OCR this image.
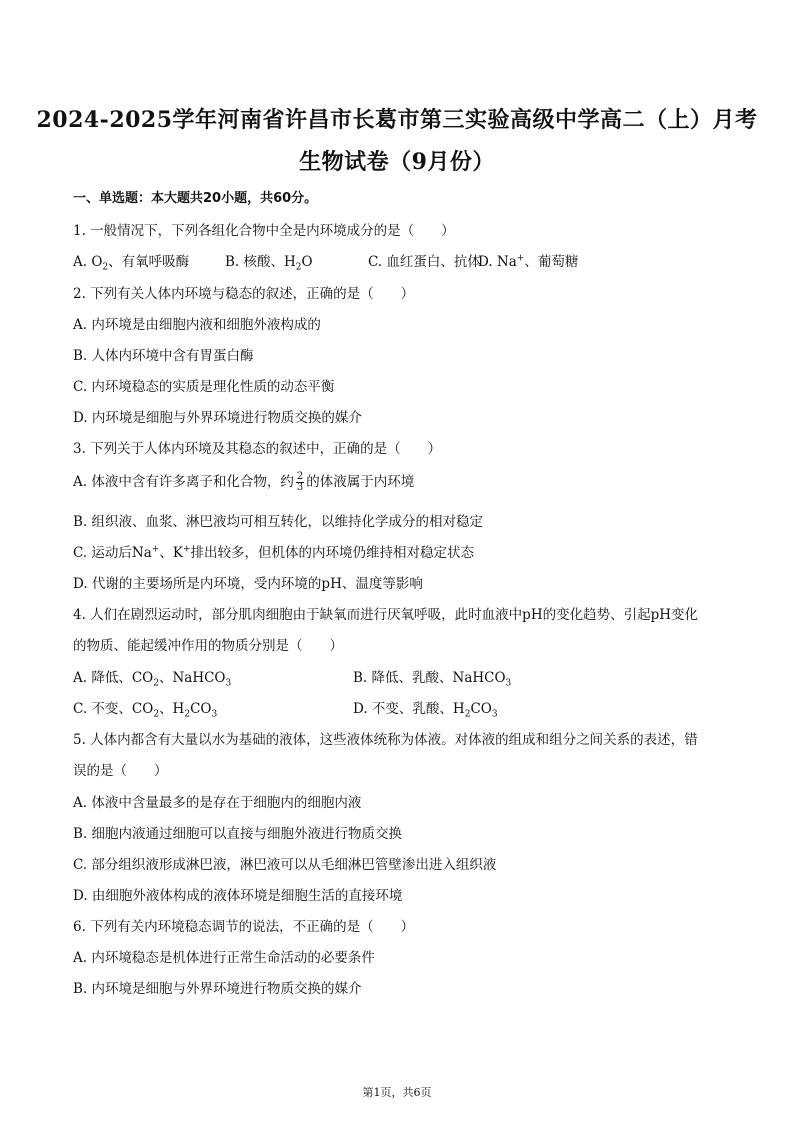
2024-2025学年河南省许昌市长葛市第三实验高级中学高二（上）月考
生物试卷（9月份）
一、单选题：本大题共20小题，共60分。
1. 一般情况下，下列各组化合物中全是内环境成分的是（　　）
A. $O_2$、有氧呼吸酶	B. 核酸、$H_2O$	C. 血红蛋白、抗体D. Na+、葡萄糖
2. 下列有关人体内环境与稳态的叙述，正确的是（　　）
A. 内环境是由细胞内液和细胞外液构成的
B. 人体内环境中含有胃蛋白酶
C. 内环境稳态的实质是理化性质的动态平衡
D. 内环境是细胞与外界环境进行物质交换的媒介
3. 下列关于人体内环境及其稳态的叙述中，正确的是（　　）
A. 体液中含有许多离子和化合物，约 $\frac{2}{3}$ 的体液属于内环境
B. 组织液、血浆、淋巴液均可相互转化，以维持化学成分的相对稳定
C. 运动后Na+、K+排出较多，但机体的内环境仍维持相对稳定状态
D. 代谢的主要场所是内环境，受内环境的pH、温度等影响
4. 人们在剧烈运动时，部分肌肉细胞由于缺氧而进行厌氧呼吸，此时血液中pH的变化趋势、引起pH变化
的物质、能起缓冲作用的物质分别是（　　）
A. 降低、$CO_2$、NaHCO$_3$	B. 降低、乳酸、NaHCO$_3$
C. 不变、$CO_2$、$H_2CO_3$	D. 不变、乳酸、$H_2CO_3$
5. 人体内都含有大量以水为基础的液体，这些液体统称为体液。对体液的组成和组分之间关系的表述，错
误的是（　　）
A. 体液中含量最多的是存在于细胞内的细胞内液
B. 细胞内液通过细胞可以直接与细胞外液进行物质交换
C. 部分组织液形成淋巴液，淋巴液可以从毛细淋巴管壁渗出进入组织液
D. 由细胞外液体构成的液体环境是细胞生活的直接环境
6. 下列有关内环境稳态调节的说法，不正确的是（　　）
A. 内环境稳态是机体进行正常生命活动的必要条件
B. 内环境是细胞与外界环境进行物质交换的媒介
第1页，共6页
